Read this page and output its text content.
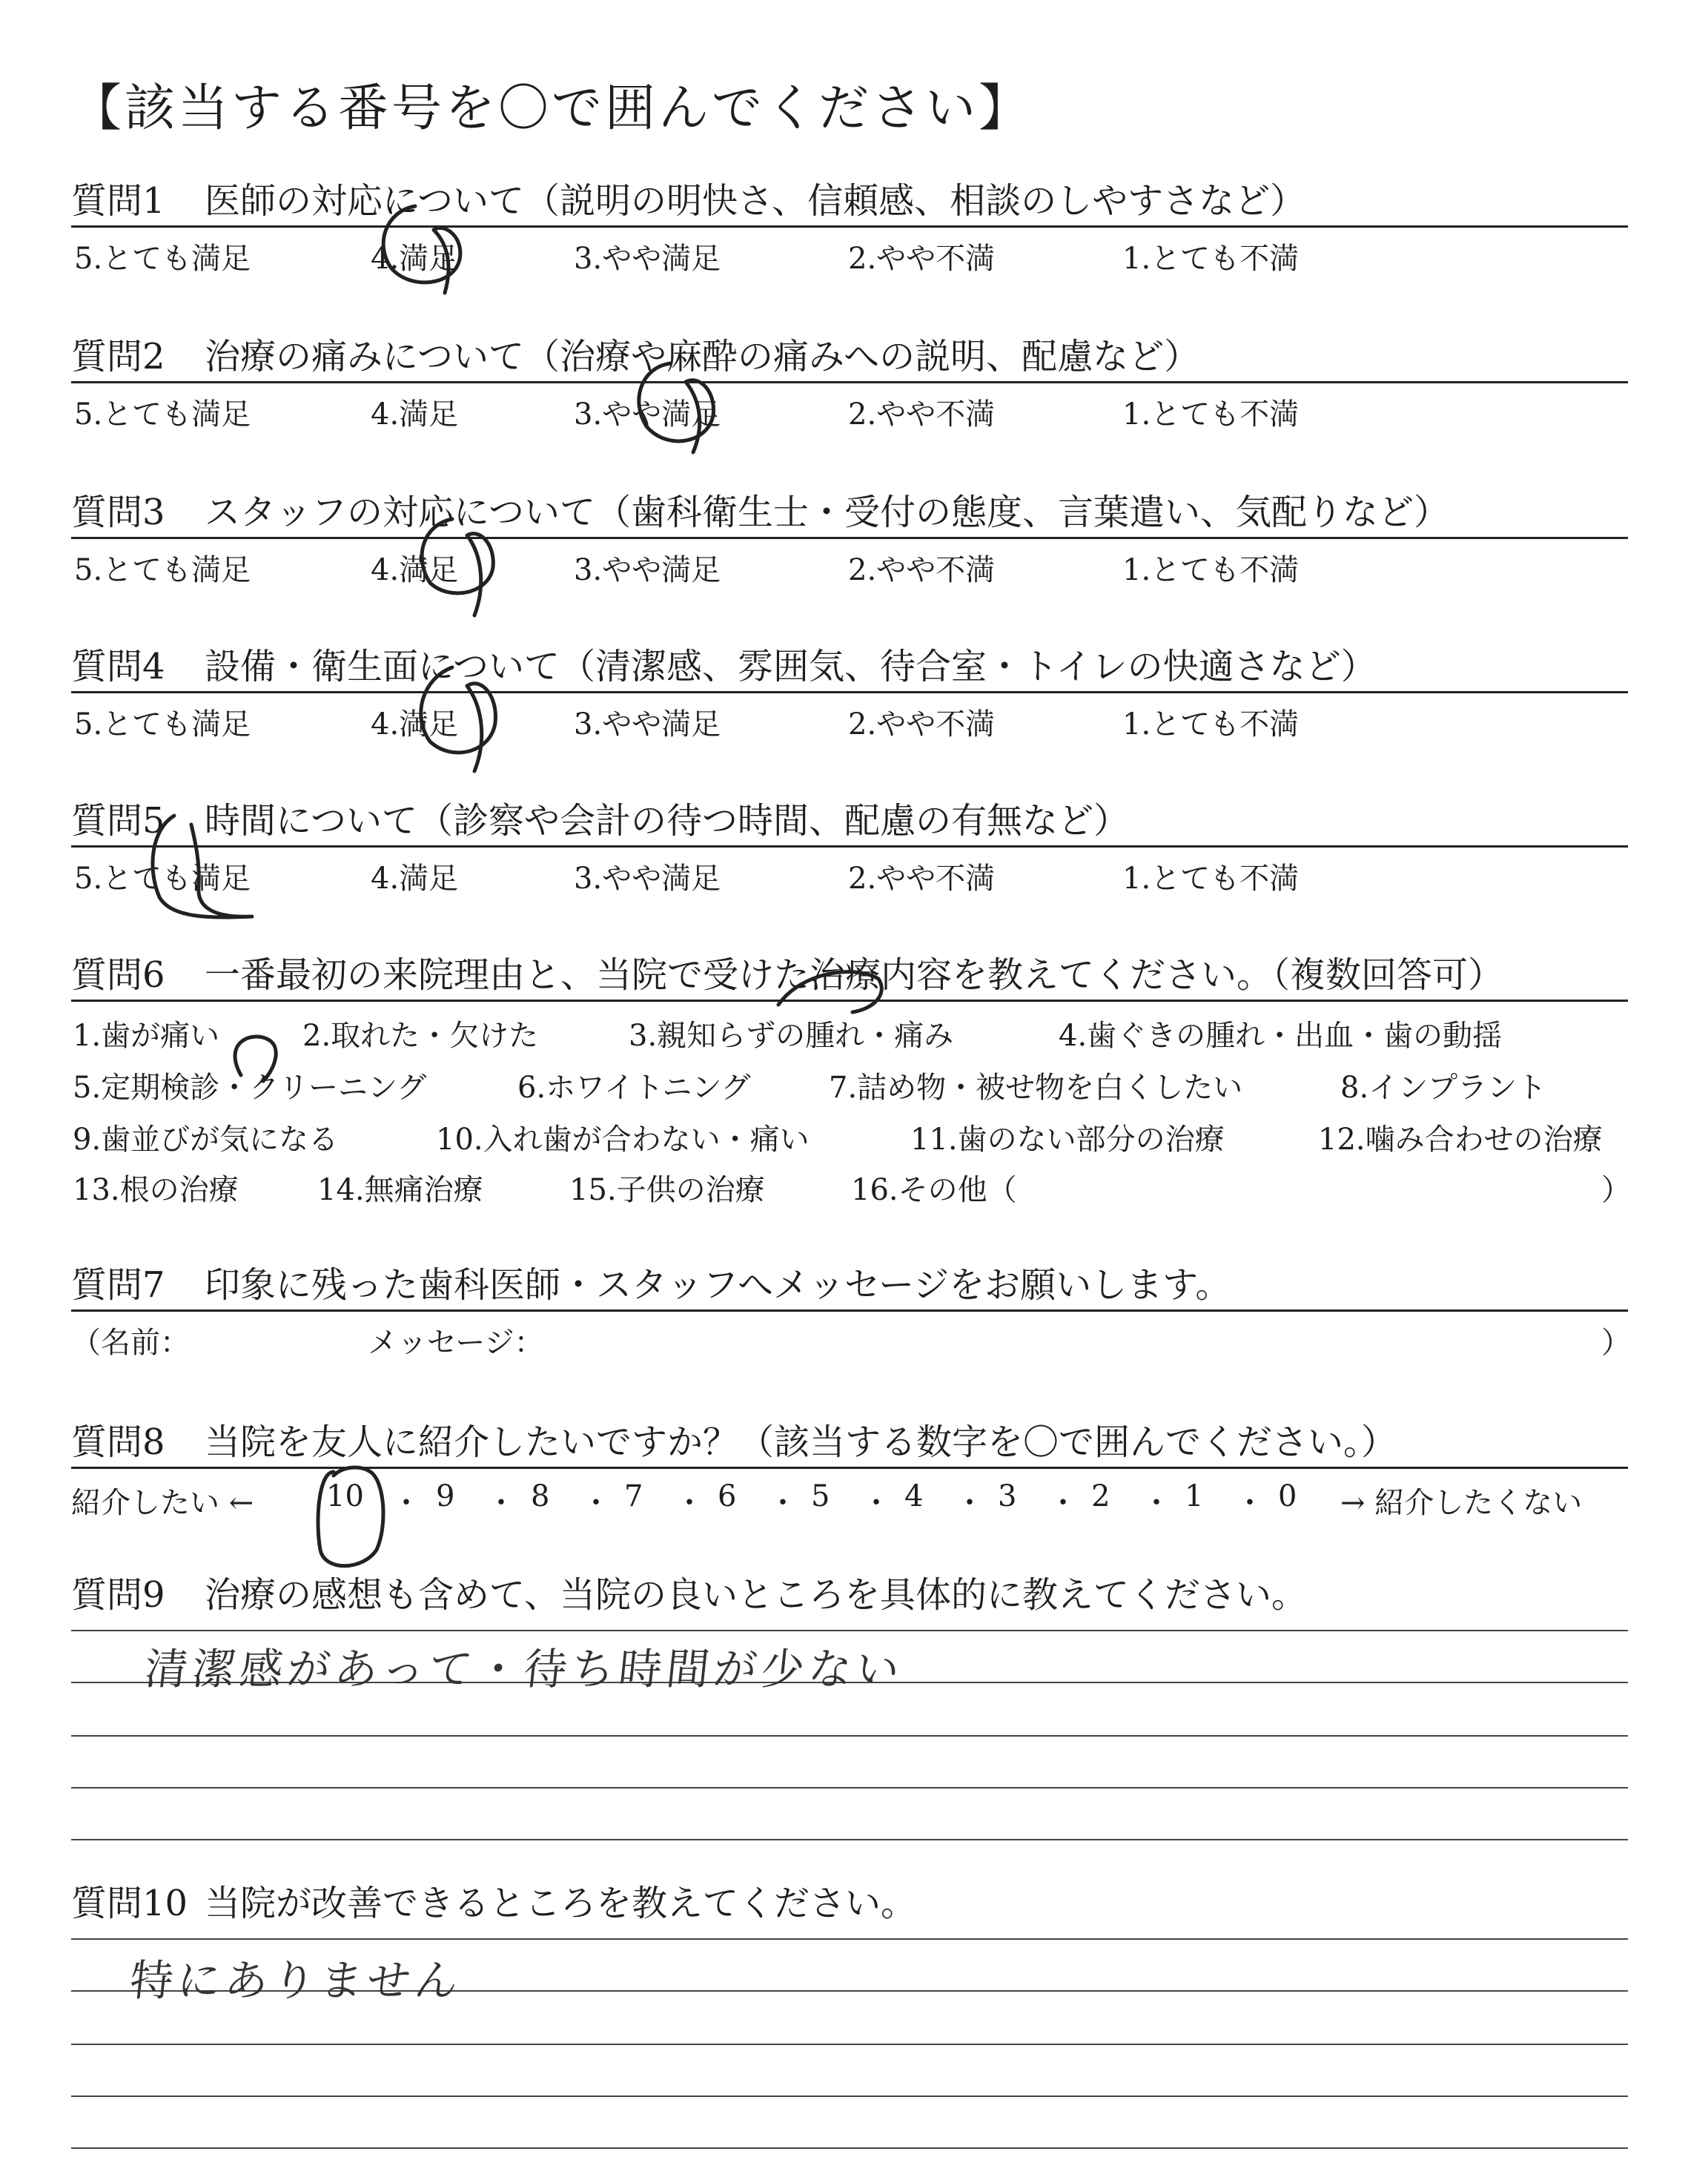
【該当する番号を〇で囲んでください】
質問1 医師の対応について（説明の明快さ、信頼感、相談のしやすさなど）
5.とても満足	4.満足	3.やや満足	2.やや不満	1.とても不満
質問2 治療の痛みについて（治療や麻酔の痛みへの説明、配慮など）
5.とても満足	4.満足	3.やや満足	2.やや不満	1.とても不満
質問3 スタッフの対応について（歯科衛生士・受付の態度、言葉遣い、気配りなど）
5.とても満足	4.満足	3.やや満足	2.やや不満	1.とても不満
質問4 設備・衛生面について（清潔感、雰囲気、待合室・トイレの快適さなど）
5.とても満足	4.満足	3.やや満足	2.やや不満	1.とても不満
質問5 時間について（診察や会計の待つ時間、配慮の有無など）
5.とても満足	4.満足	3.やや満足	2.やや不満	1.とても不満
質問6 一番最初の来院理由と、当院で受けた治療内容を教えてください。（複数回答可）
1.歯が痛い	2.取れた・欠けた	3.親知らずの腫れ・痛み	4.歯ぐきの腫れ・出血・歯の動揺
5.定期検診・クリーニング	6.ホワイトニング	7.詰め物・被せ物を白くしたい	8.インプラント
9.歯並びが気になる	10.入れ歯が合わない・痛い	11.歯のない部分の治療	12.噛み合わせの治療
13.根の治療	14.無痛治療	15.子供の治療	16.その他（	）
質問7 印象に残った歯科医師・スタッフへメッセージをお願いします。
（名前：	メッセージ：	）
質問8 当院を友人に紹介したいですか？（該当する数字を〇で囲んでください。）
紹介したい ← 10 ・ 9 ・ 8 ・ 7 ・ 6 ・ 5 ・ 4 ・ 3 ・ 2 ・ 1 ・ 0 → 紹介したくない
質問9 治療の感想も含めて、当院の良いところを具体的に教えてください。
清潔感があって・待ち時間が少ない
質問10 当院が改善できるところを教えてください。
特にありません
